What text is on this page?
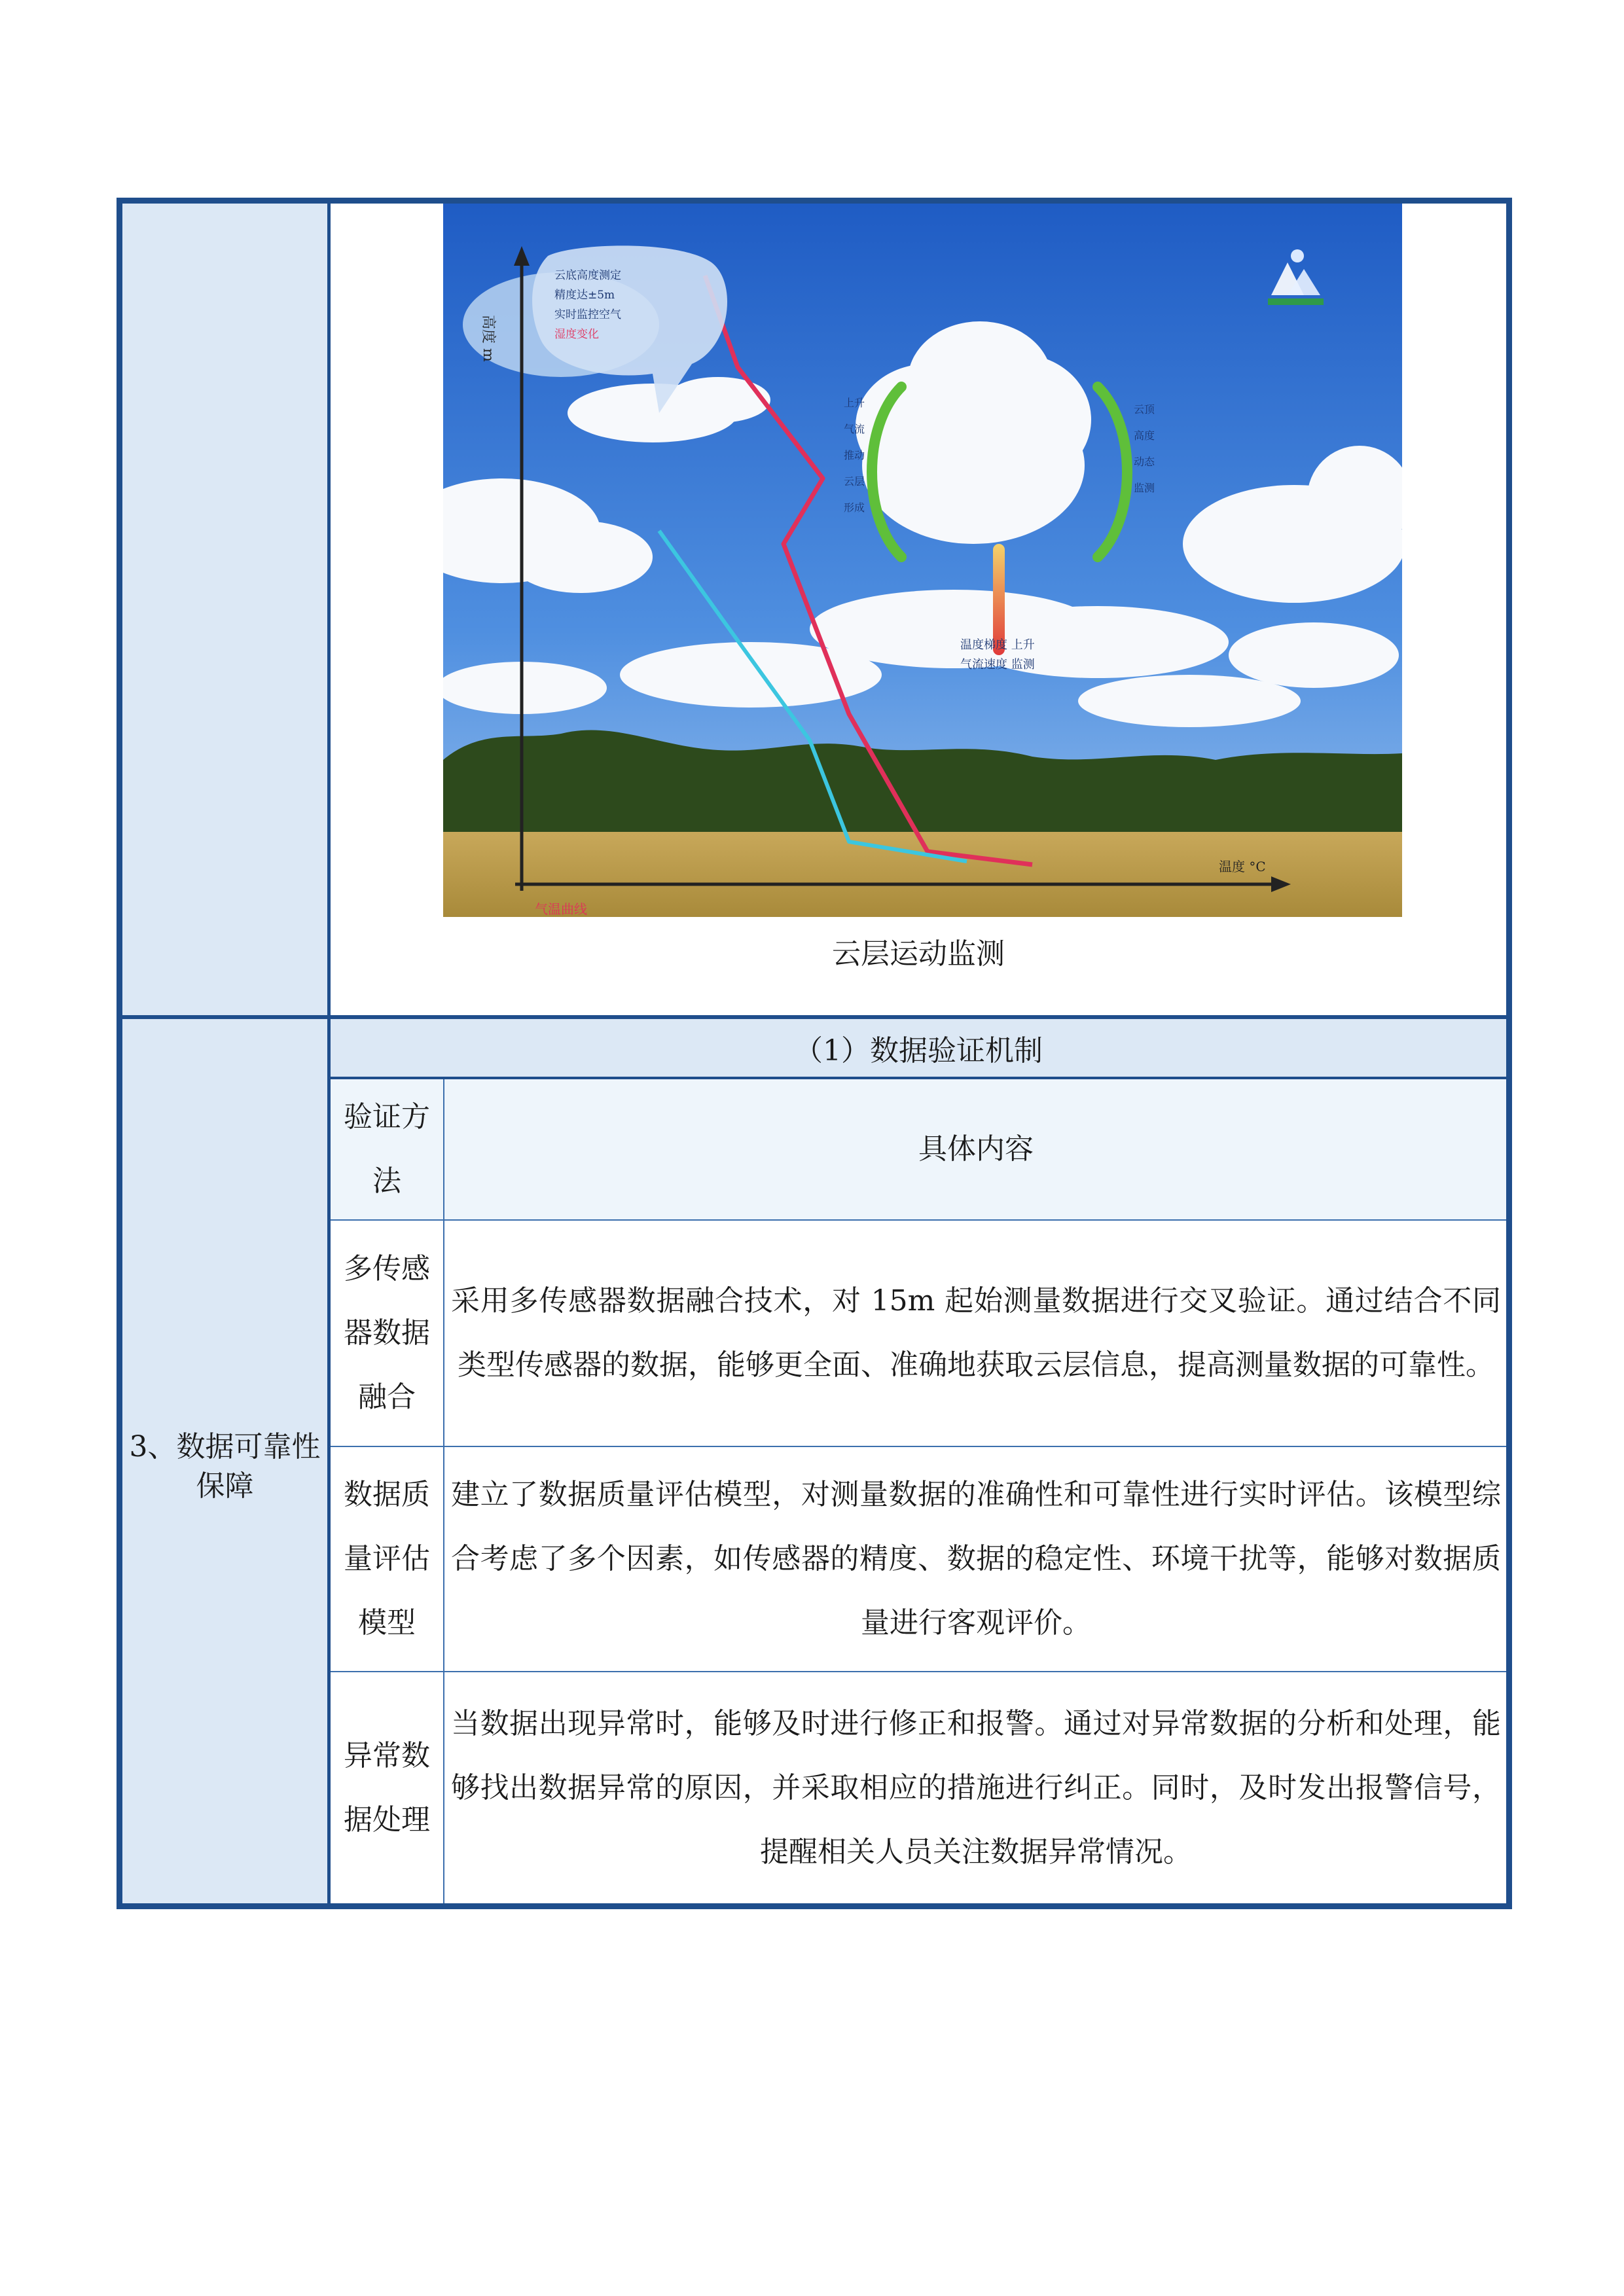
高度 m
温度 °C
气温曲线
上升
气流
推动
云层
形成
云顶
高度
动态
监测
温度梯度 上升
气流速度 监测
云底高度测定
精度达±5m
实时监控空气
湿度变化
云层运动监测
3、数据可靠性保障
（1）数据验证机制
验证方法
具体内容
多传感器数据融合
采用多传感器数据融合技术，对 15m 起始测量数据进行交叉验证。通过结合不同类型传感器的数据，能够更全面、准确地获取云层信息，提高测量数据的可靠性。
数据质量评估模型
建立了数据质量评估模型，对测量数据的准确性和可靠性进行实时评估。该模型综合考虑了多个因素，如传感器的精度、数据的稳定性、环境干扰等，能够对数据质量进行客观评价。
异常数据处理
当数据出现异常时，能够及时进行修正和报警。通过对异常数据的分析和处理，能够找出数据异常的原因，并采取相应的措施进行纠正。同时，及时发出报警信号，提醒相关人员关注数据异常情况。
